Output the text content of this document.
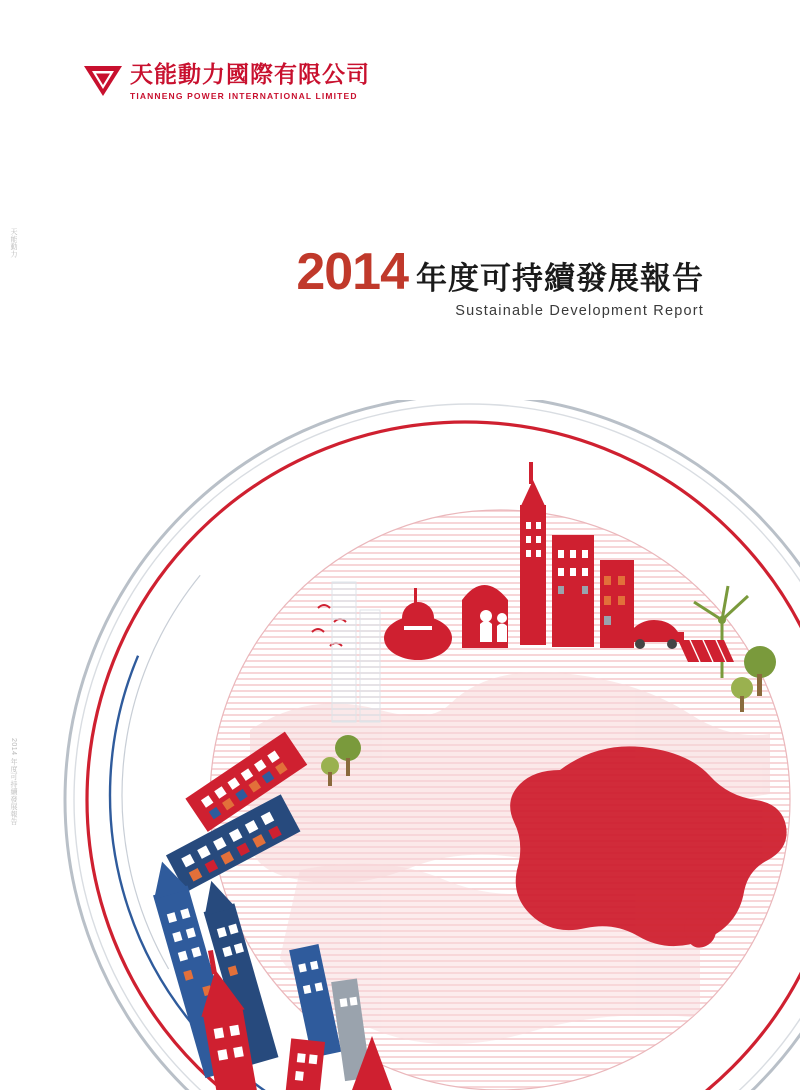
天能動力國際有限公司
TIANNENG POWER INTERNATIONAL LIMITED
2014 年度可持續發展報告
Sustainable Development Report
天能動力
2014 年度可持續發展報告
